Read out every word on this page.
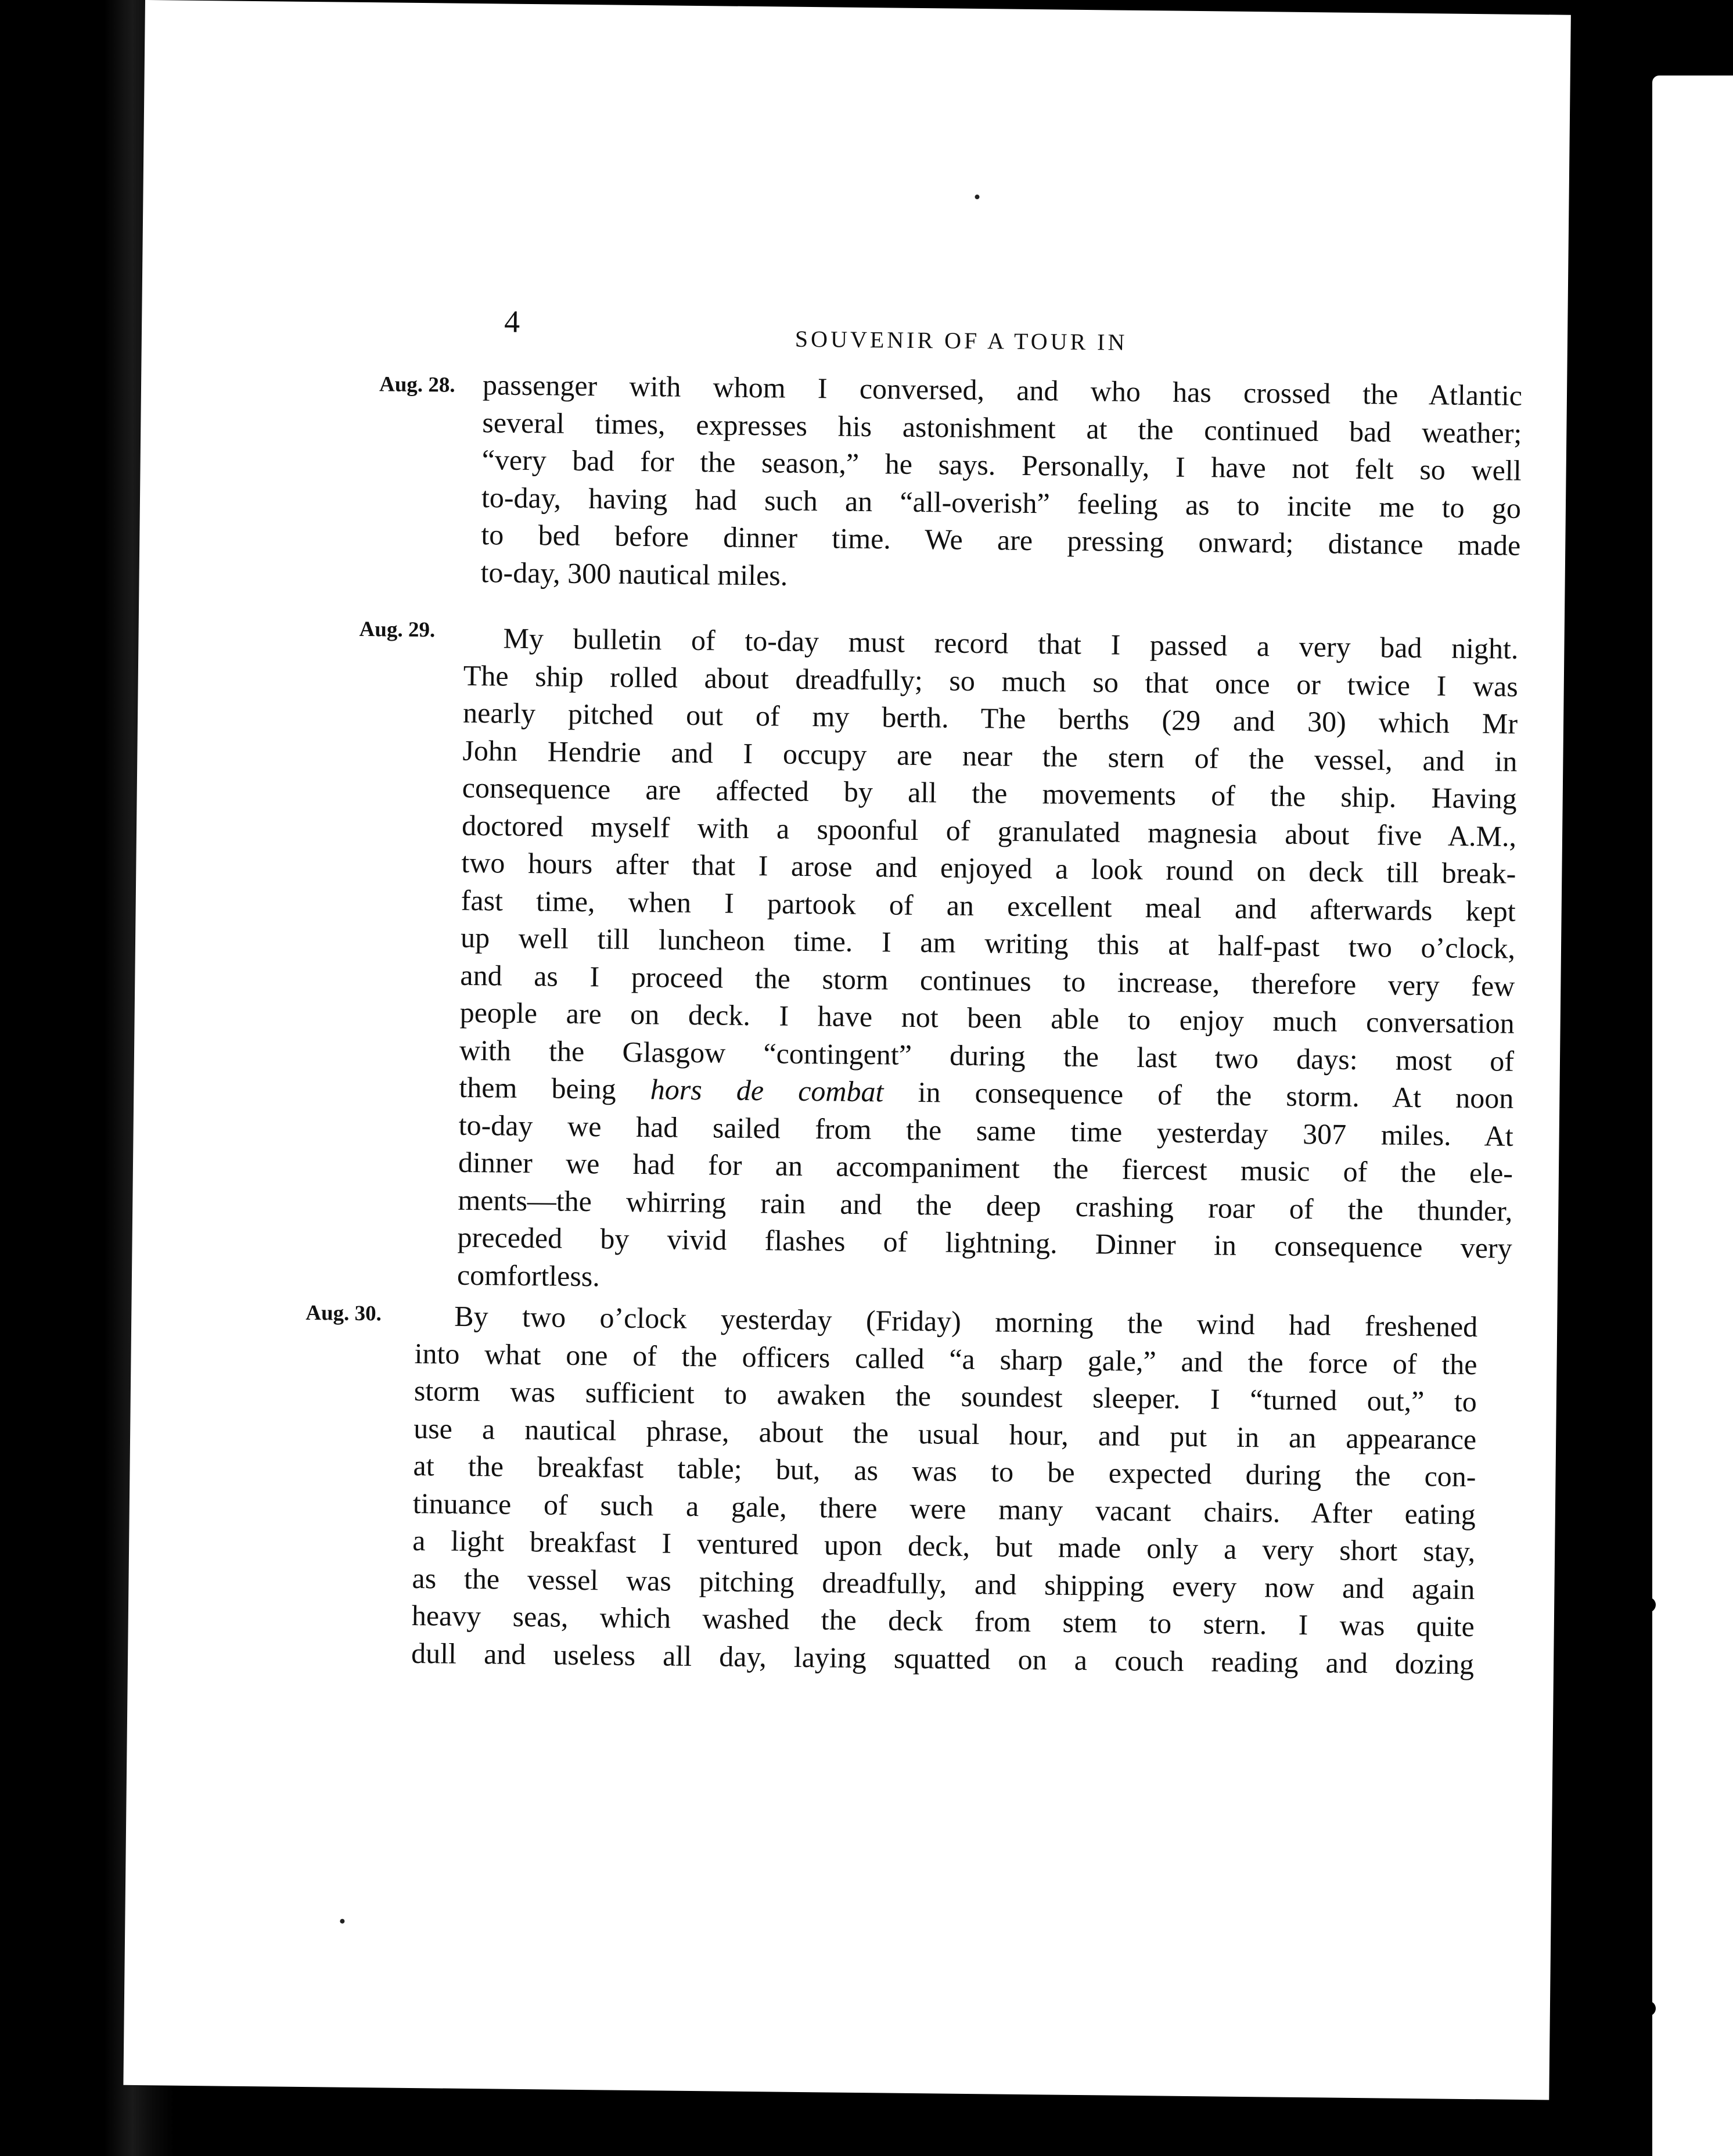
4
SOUVENIR OF A TOUR IN
Aug. 28. passenger with whom I conversed, and who has crossed the Atlantic
several times, expresses his astonishment at the continued bad weather;
“very bad for the season,” he says. Personally, I have not felt so well
to-day, having had such an “all-overish” feeling as to incite me to go
to bed before dinner time. We are pressing onward; distance made
to-day, 300 nautical miles.
Aug. 29.	My bulletin of to-day must record that I passed a very bad night.
The ship rolled about dreadfully; so much so that once or twice I was
nearly pitched out of my berth. The berths (29 and 30) which Mr
John Hendrie and I occupy are near the stern of the vessel, and in
consequence are affected by all the movements of the ship. Having
doctored myself with a spoonful of granulated magnesia about five A.M.,
two hours after that I arose and enjoyed a look round on deck till break-
fast time, when I partook of an excellent meal and afterwards kept
up well till luncheon time. I am writing this at half-past two o’clock,
and as I proceed the storm continues to increase, therefore very few
people are on deck. I have not been able to enjoy much conversation
with the Glasgow “contingent” during the last two days: most of
them being hors de combat in consequence of the storm. At noon
to-day we had sailed from the same time yesterday 307 miles. At
dinner we had for an accompaniment the fiercest music of the ele-
ments—the whirring rain and the deep crashing roar of the thunder,
preceded by vivid flashes of lightning. Dinner in consequence very
comfortless.
Aug. 30.	By two o’clock yesterday (Friday) morning the wind had freshened
into what one of the officers called “a sharp gale,” and the force of the
storm was sufficient to awaken the soundest sleeper. I “turned out,” to
use a nautical phrase, about the usual hour, and put in an appearance
at the breakfast table; but, as was to be expected during the con-
tinuance of such a gale, there were many vacant chairs. After eating
a light breakfast I ventured upon deck, but made only a very short stay,
as the vessel was pitching dreadfully, and shipping every now and again
heavy seas, which washed the deck from stem to stern. I was quite
dull and useless all day, laying squatted on a couch reading and dozing
